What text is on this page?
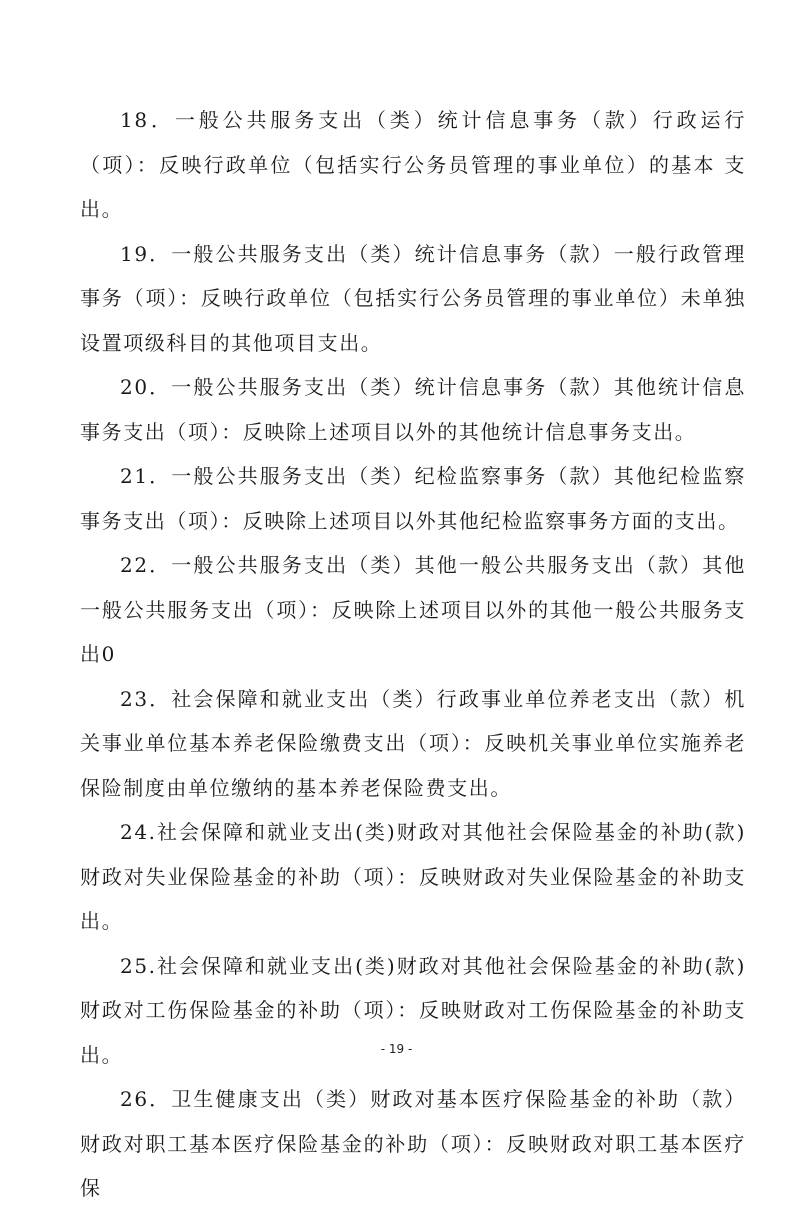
18．一般公共服务支出（类）统计信息事务（款）行政运行（项）：反映行政单位（包括实行公务员管理的事业单位）的基本 支出。

19．一般公共服务支出（类）统计信息事务（款）一般行政管理事务（项）：反映行政单位（包括实行公务员管理的事业单位）未单独设置项级科目的其他项目支出。

20．一般公共服务支出（类）统计信息事务（款）其他统计信息事务支出（项）：反映除上述项目以外的其他统计信息事务支出。

21．一般公共服务支出（类）纪检监察事务（款）其他纪检监察事务支出（项）：反映除上述项目以外其他纪检监察事务方面的支出。

22．一般公共服务支出（类）其他一般公共服务支出（款）其他一般公共服务支出（项）：反映除上述项目以外的其他一般公共服务支出0

23．社会保障和就业支出（类）行政事业单位养老支出（款）机关事业单位基本养老保险缴费支出（项）：反映机关事业单位实施养老保险制度由单位缴纳的基本养老保险费支出。

24.社会保障和就业支出(类)财政对其他社会保险基金的补助(款)财政对失业保险基金的补助（项）：反映财政对失业保险基金的补助支出。

25.社会保障和就业支出(类)财政对其他社会保险基金的补助(款)财政对工伤保险基金的补助（项）：反映财政对工伤保险基金的补助支出。

26．卫生健康支出（类）财政对基本医疗保险基金的补助（款）财政对职工基本医疗保险基金的补助（项）：反映财政对职工基本医疗保

- 19 -
